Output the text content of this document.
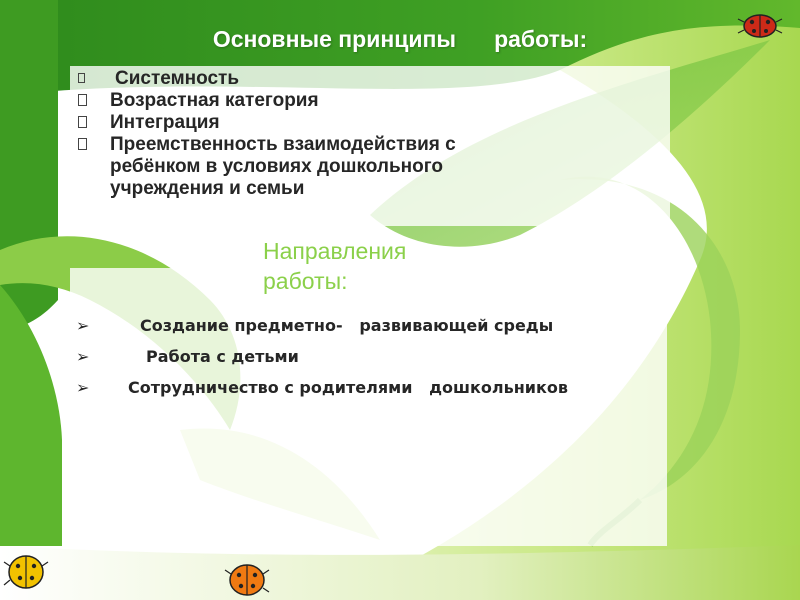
Основные принципы работы:
Системность
Возрастная категория
Интеграция
Преемственность взаимодействия с ребёнком в условиях дошкольного учреждения и семьи
Направления
работы:
➢	Создание предметно-   развивающей среды
➢	Работа с детьми
➢ Сотрудничество с родителями   дошкольников
